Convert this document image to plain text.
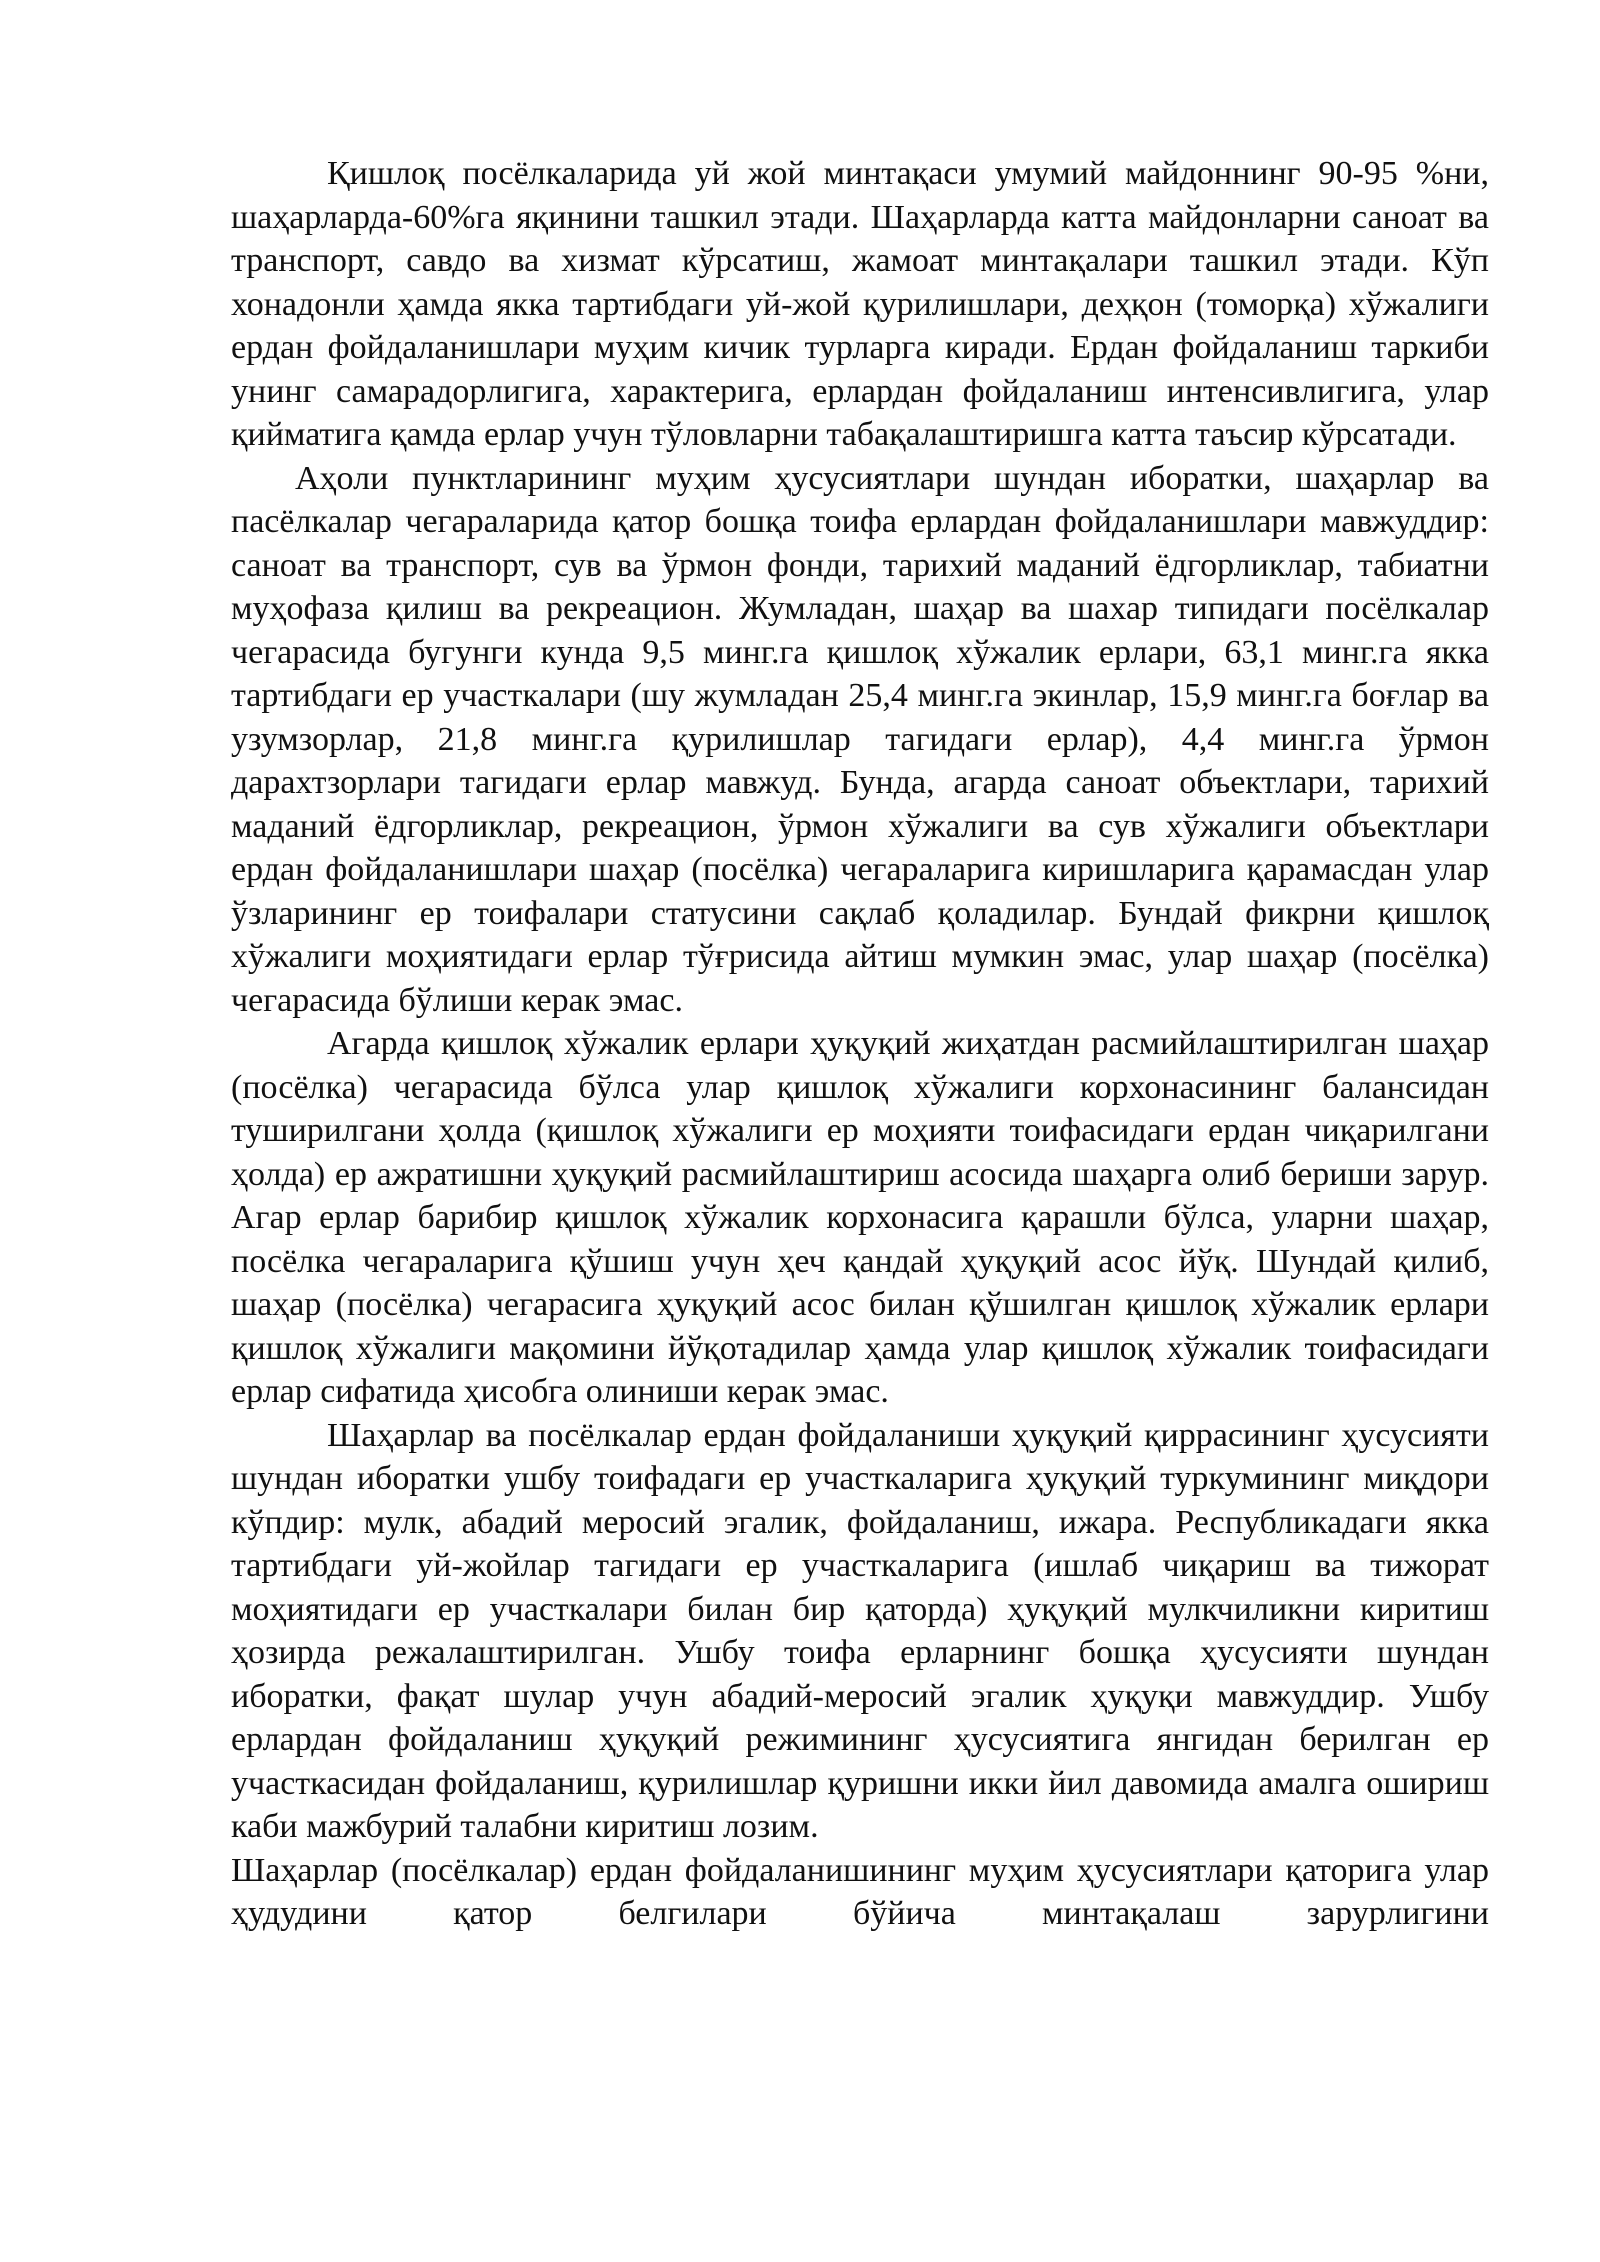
Қишлоқ посёлкаларида уй жой минтақаси умумий майдоннинг 90-95 %ни, шаҳарларда-60%га яқинини ташкил этади. Шаҳарларда катта майдонларни саноат ва транспорт, савдо ва хизмат кўрсатиш, жамоат минтақалари ташкил этади. Кўп хонадонли ҳамда якка тартибдаги уй-жой қурилишлари, деҳқон (томорқа) хўжалиги ердан фойдаланишлари муҳим кичик турларга киради. Ердан фойдаланиш таркиби унинг самарадорлигига, характерига, ерлардан фойдаланиш интенсивлигига, улар қийматига қамда ерлар учун тўловларни табақалаштиришга катта таъсир кўрсатади.

Аҳоли пунктларининг муҳим ҳусусиятлари шундан иборатки, шаҳарлар ва пасёлкалар чегараларида қатор бошқа тоифа ерлардан фойдаланишлари мавжуддир: саноат ва транспорт, сув ва ўрмон фонди, тарихий маданий ёдгорликлар, табиатни муҳофаза қилиш ва рекреацион. Жумладан, шаҳар ва шахар типидаги посёлкалар чегарасида бугунги кунда 9,5 минг.га қишлоқ хўжалик ерлари, 63,1 минг.га якка тартибдаги ер участкалари (шу жумладан 25,4 минг.га экинлар, 15,9 минг.га боғлар ва узумзорлар, 21,8 минг.га қурилишлар тагидаги ерлар), 4,4 минг.га ўрмон дарахтзорлари тагидаги ерлар мавжуд. Бунда, агарда саноат объектлари, тарихий маданий ёдгорликлар, рекреацион, ўрмон хўжалиги ва сув хўжалиги объектлари ердан фойдаланишлари шаҳар (посёлка) чегараларига киришларига қарамасдан улар ўзларининг ер тоифалари статусини сақлаб қоладилар. Бундай фикрни қишлоқ хўжалиги моҳиятидаги ерлар тўғрисида айтиш мумкин эмас, улар шаҳар (посёлка) чегарасида бўлиши керак эмас.

Агарда қишлоқ хўжалик ерлари ҳуқуқий жиҳатдан расмийлаштирилган шаҳар (посёлка) чегарасида бўлса улар қишлоқ хўжалиги корхонасининг балансидан туширилгани ҳолда (қишлоқ хўжалиги ер моҳияти тоифасидаги ердан чиқарилгани ҳолда) ер ажратишни ҳуқуқий расмийлаштириш асосида шаҳарга олиб бериши зарур. Агар ерлар барибир қишлоқ хўжалик корхонасига қарашли бўлса, уларни шаҳар, посёлка чегараларига қўшиш учун ҳеч қандай ҳуқуқий асос йўқ. Шундай қилиб, шаҳар (посёлка) чегарасига ҳуқуқий асос билан қўшилган қишлоқ хўжалик ерлари қишлоқ хўжалиги мақомини йўқотадилар ҳамда улар қишлоқ хўжалик тоифасидаги ерлар сифатида ҳисобга олиниши керак эмас.

Шаҳарлар ва посёлкалар ердан фойдаланиши ҳуқуқий қиррасининг ҳусусияти шундан иборатки ушбу тоифадаги ер участкаларига ҳуқуқий туркумининг миқдори кўпдир: мулк, абадий меросий эгалик, фойдаланиш, ижара. Республикадаги якка тартибдаги уй-жойлар тагидаги ер участкаларига (ишлаб чиқариш ва тижорат моҳиятидаги ер участкалари билан бир қаторда) ҳуқуқий мулкчиликни киритиш ҳозирда режалаштирилган. Ушбу тоифа ерларнинг бошқа ҳусусияти шундан иборатки, фақат шулар учун абадий-меросий эгалик ҳуқуқи мавжуддир. Ушбу ерлардан фойдаланиш ҳуқуқий режимининг ҳусусиятига янгидан берилган ер участкасидан фойдаланиш, қурилишлар қуришни икки йил давомида амалга ошириш каби мажбурий талабни киритиш лозим.

Шаҳарлар (посёлкалар) ердан фойдаланишининг муҳим ҳусусиятлари қаторига улар ҳудудини қатор белгилари бўйича минтақалаш зарурлигини
